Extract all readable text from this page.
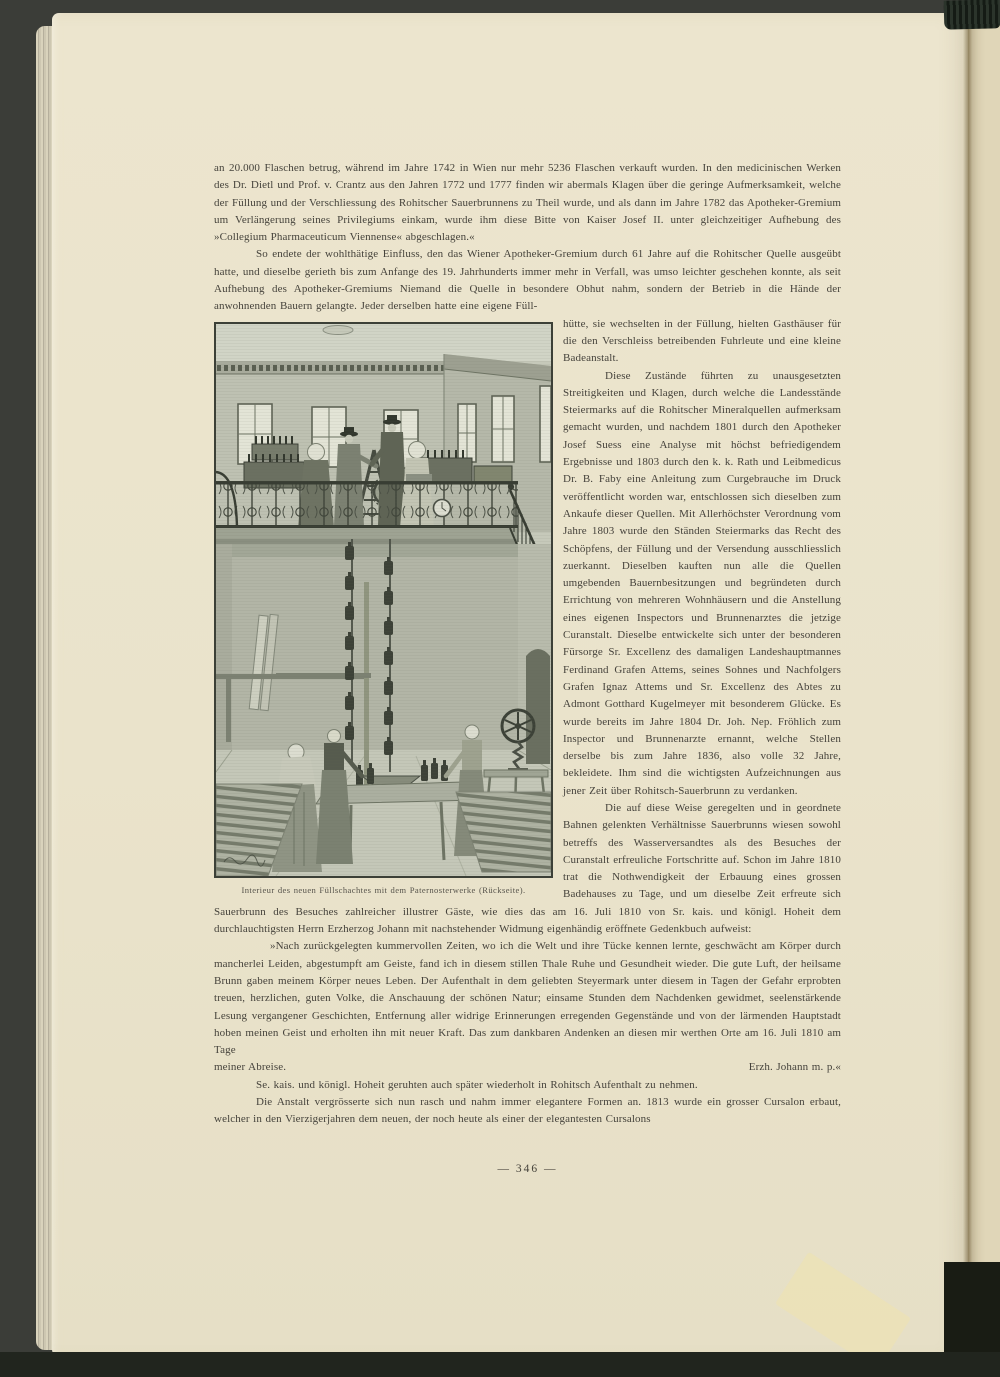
an 20.000 Flaschen betrug, während im Jahre 1742 in Wien nur mehr 5236 Flaschen verkauft wurden. In den medicinischen Werken des Dr. Dietl und Prof. v. Crantz aus den Jahren 1772 und 1777 finden wir abermals Klagen über die geringe Aufmerksamkeit, welche der Füllung und der Verschliessung des Rohitscher Sauerbrunnens zu Theil wurde, und als dann im Jahre 1782 das Apotheker-Gremium um Verlängerung seines Privilegiums einkam, wurde ihm diese Bitte von Kaiser Josef II. unter gleichzeitiger Aufhebung des »Collegium Pharmaceuticum Viennense« abgeschlagen.«

So endete der wohlthätige Einfluss, den das Wiener Apotheker-Gremium durch 61 Jahre auf die Rohitscher Quelle ausgeübt hatte, und dieselbe gerieth bis zum Anfange des 19. Jahrhunderts immer mehr in Verfall, was umso leichter geschehen konnte, als seit Aufhebung des Apotheker-Gremiums Niemand die Quelle in besondere Obhut nahm, sondern der Betrieb in die Hände der anwohnenden Bauern gelangte. Jeder derselben hatte eine eigene Füll-

Interieur des neuen Füllschachtes mit dem Paternosterwerke (Rückseite).

hütte, sie wechselten in der Füllung, hielten Gasthäuser für die den Verschleiss betreibenden Fuhrleute und eine kleine Badeanstalt.

Diese Zustände führten zu unausgesetzten Streitigkeiten und Klagen, durch welche die Landesstände Steiermarks auf die Rohitscher Mineralquellen aufmerksam gemacht wurden, und nachdem 1801 durch den Apotheker Josef Suess eine Analyse mit höchst befriedigendem Ergebnisse und 1803 durch den k. k. Rath und Leibmedicus Dr. B. Faby eine Anleitung zum Curgebrauche im Druck veröffentlicht worden war, entschlossen sich dieselben zum Ankaufe dieser Quellen. Mit Allerhöchster Verordnung vom Jahre 1803 wurde den Ständen Steiermarks das Recht des Schöpfens, der Füllung und der Versendung ausschliesslich zuerkannt. Dieselben kauften nun alle die Quellen umgebenden Bauernbesitzungen und begründeten durch Errichtung von mehreren Wohnhäusern und die Anstellung eines eigenen Inspectors und Brunnenarztes die jetzige Curanstalt. Dieselbe entwickelte sich unter der besonderen Fürsorge Sr. Excellenz des damaligen Landeshauptmannes Ferdinand Grafen Attems, seines Sohnes und Nachfolgers Grafen Ignaz Attems und Sr. Excellenz des Abtes zu Admont Gotthard Kugelmeyer mit besonderem Glücke. Es wurde bereits im Jahre 1804 Dr. Joh. Nep. Fröhlich zum Inspector und Brunnenarzte ernannt, welche Stellen derselbe bis zum Jahre 1836, also volle 32 Jahre, bekleidete. Ihm sind die wichtigsten Aufzeichnungen aus jener Zeit über Rohitsch-Sauerbrunn zu verdanken.

Die auf diese Weise geregelten und in geordnete Bahnen gelenkten Verhältnisse Sauerbrunns wiesen sowohl betreffs des Wasserversandtes als des Besuches der Curanstalt erfreuliche Fortschritte auf. Schon im Jahre 1810 trat die Nothwendigkeit der Erbauung eines grossen Badehauses zu Tage, und um dieselbe Zeit erfreute sich Sauerbrunn des Besuches zahlreicher illustrer Gäste, wie dies das am 16. Juli 1810 von Sr. kais. und königl. Hoheit dem durchlauchtigsten Herrn Erzherzog Johann mit nachstehender Widmung eigenhändig eröffnete Gedenkbuch aufweist:

»Nach zurückgelegten kummervollen Zeiten, wo ich die Welt und ihre Tücke kennen lernte, geschwächt am Körper durch mancherlei Leiden, abgestumpft am Geiste, fand ich in diesem stillen Thale Ruhe und Gesundheit wieder. Die gute Luft, der heilsame Brunn gaben meinem Körper neues Leben. Der Aufenthalt in dem geliebten Steyermark unter diesem in Tagen der Gefahr erprobten treuen, herzlichen, guten Volke, die Anschauung der schönen Natur; einsame Stunden dem Nachdenken gewidmet, seelenstärkende Lesung vergangener Geschichten, Entfernung aller widrige Erinnerungen erregenden Gegenstände und von der lärmenden Hauptstadt hoben meinen Geist und erholten ihn mit neuer Kraft. Das zum dankbaren Andenken an diesen mir werthen Orte am 16. Juli 1810 am Tage

meiner Abreise.	Erzh. Johann m. p.«

Se. kais. und königl. Hoheit geruhten auch später wiederholt in Rohitsch Aufenthalt zu nehmen.

Die Anstalt vergrösserte sich nun rasch und nahm immer elegantere Formen an. 1813 wurde ein grosser Cursalon erbaut, welcher in den Vierzigerjahren dem neuen, der noch heute als einer der elegantesten Cursalons

— 346 —
